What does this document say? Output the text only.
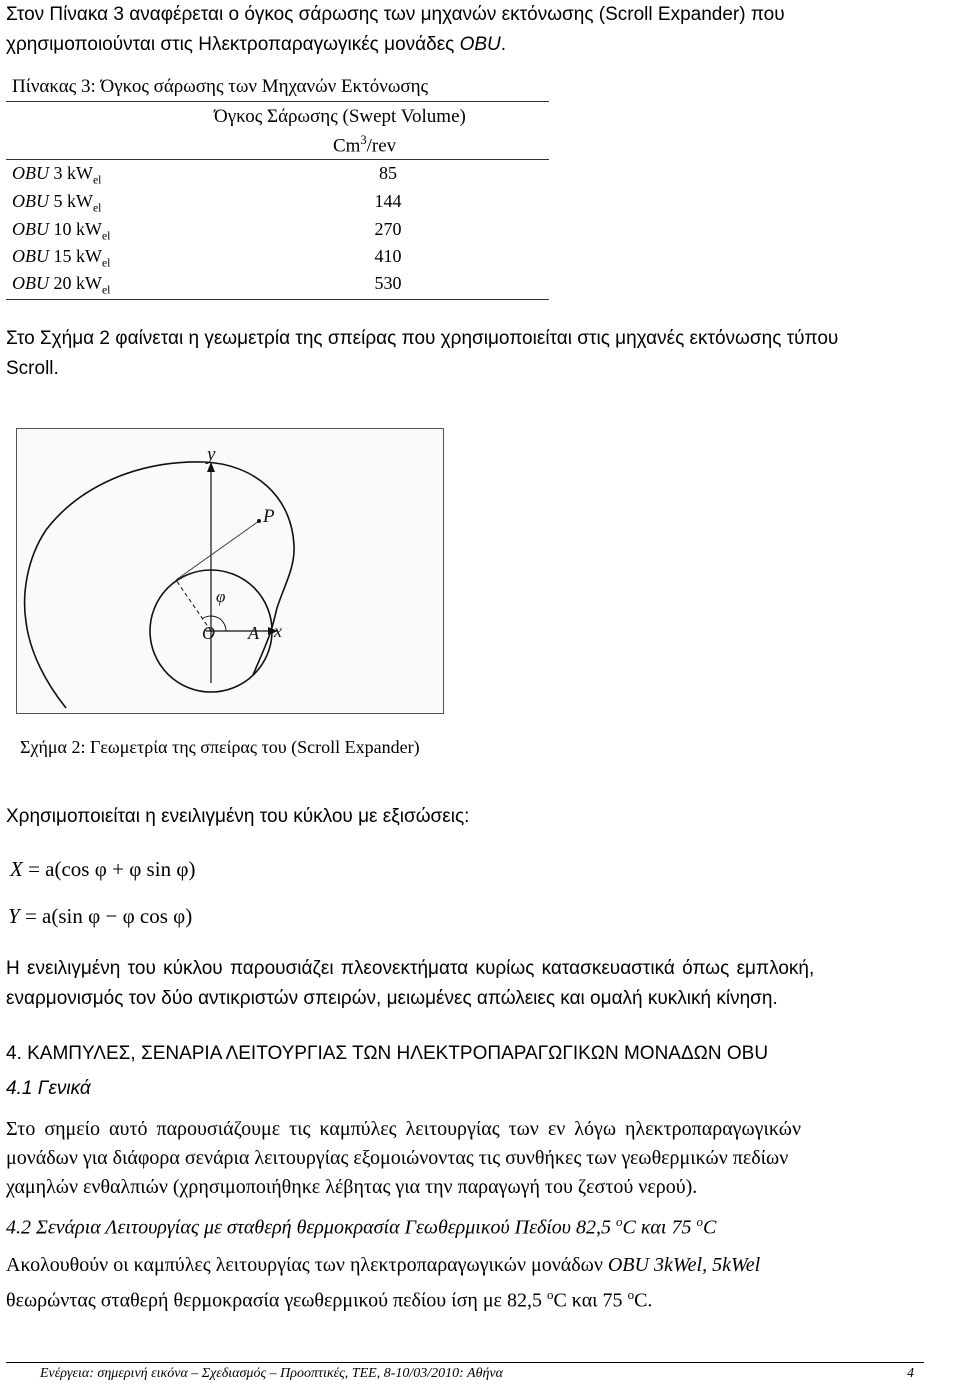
Στον Πίνακα 3 αναφέρεται ο όγκος σάρωσης των μηχανών εκτόνωσης (Scroll Expander) που
χρησιμοποιούνται στις Ηλεκτροπαραγωγικές μονάδες OBU.
Πίνακας 3: Όγκος σάρωσης των Μηχανών Εκτόνωσης
Όγκος Σάρωσης (Swept Volume)
Cm$^3$/rev
OBU 3 $kW_{el}$	85
OBU 5 $kW_{el}$	144
OBU 10 $kW_{el}$	270
OBU 15 $kW_{el}$	410
OBU 20 $kW_{el}$	530
Στο Σχήμα 2 φαίνεται η γεωμετρία της σπείρας που χρησιμοποιείται στις μηχανές εκτόνωσης τύπου
Scroll.
y
P
φ
O A x
Σχήμα 2: Γεωμετρία της σπείρας του (Scroll Expander)
Χρησιμοποιείται η ενειλιγμένη του κύκλου με εξισώσεις:
X = a(cos φ + φ sin φ)
Y = a(sin φ − φ cos φ)
Η ενειλιγμένη του κύκλου παρουσιάζει πλεονεκτήματα κυρίως κατασκευαστικά όπως εμπλοκή,
εναρμονισμός τον δύο αντικριστών σπειρών, μειωμένες απώλειες και ομαλή κυκλική κίνηση.
4. ΚΑΜΠΥΛΕΣ, ΣΕΝΑΡΙΑ ΛΕΙΤΟΥΡΓΙΑΣ ΤΩΝ ΗΛΕΚΤΡΟΠΑΡΑΓΩΓΙΚΩΝ ΜΟΝΑΔΩΝ OBU
4.1 Γενικά
Στο σημείο αυτό παρουσιάζουμε τις καμπύλες λειτουργίας των εν λόγω ηλεκτροπαραγωγικών
μονάδων για διάφορα σενάρια λειτουργίας εξομοιώνοντας τις συνθήκες των γεωθερμικών πεδίων
χαμηλών ενθαλπιών (χρησιμοποιήθηκε λέβητας για την παραγωγή του ζεστού νερού).
4.2 Σενάρια Λειτουργίας με σταθερή θερμοκρασία Γεωθερμικού Πεδίου 82,5 $^o$C και 75 $^o$C
Ακολουθούν οι καμπύλες λειτουργίας των ηλεκτροπαραγωγικών μονάδων OBU 3kWel, 5kWel
θεωρώντας σταθερή θερμοκρασία γεωθερμικού πεδίου ίση με 82,5 $^o$C και 75 $^o$C.
Ενέργεια: σημερινή εικόνα – Σχεδιασμός – Προοπτικές, ΤΕΕ, 8-10/03/2010: Αθήνα	4
